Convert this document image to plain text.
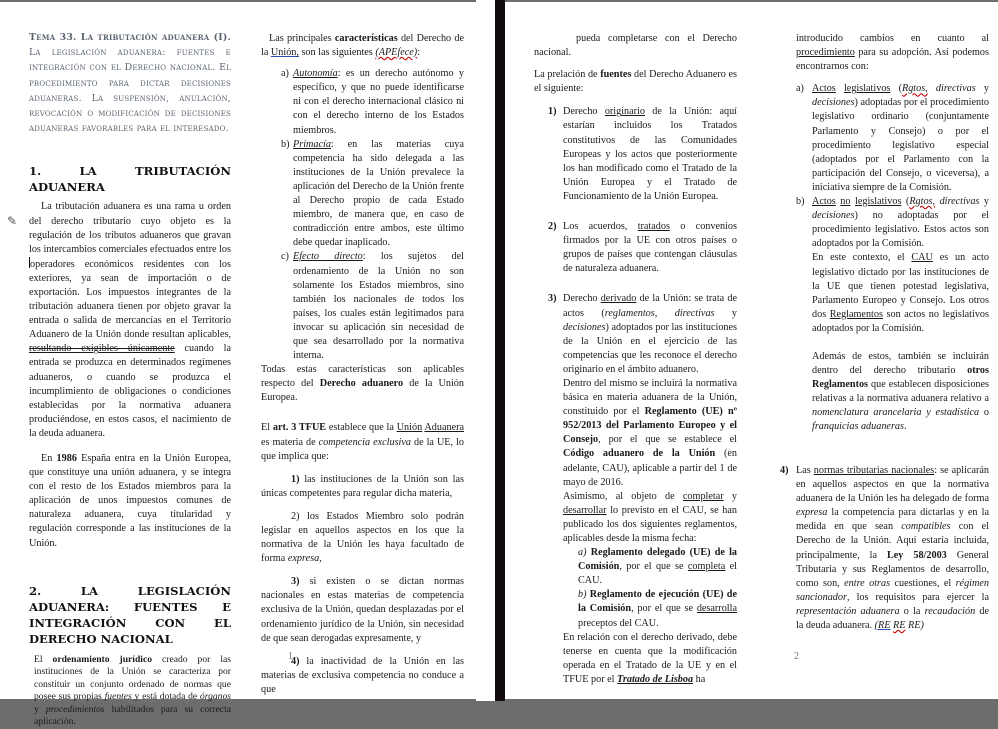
Tema 33. La tributación aduanera (I). La legislación aduanera: fuentes e integración con el Derecho nacional. El procedimiento para dictar decisiones aduaneras. La suspensión, anulación, revocación o modificación de decisiones aduaneras favorables para el interesado.

1. LA TRIBUTACIÓN ADUANERA

La tributación aduanera es una rama u orden del derecho tributario cuyo objeto es la regulación de los tributos aduaneros que gravan los intercambios comerciales efectuados entre los operadores económicos residentes con los exteriores, ya sean de importación o de exportación. Los impuestos integrantes de la tributación aduanera tienen por objeto gravar la entrada o salida de mercancías en el Territorio Aduanero de la Unión donde resultan aplicables, resultando exigibles únicamente cuando la entrada se produzca en determinados regímenes aduaneros, o cuando se produzca el incumplimiento de obligaciones o condiciones establecidas por la normativa aduanera produciéndose, en estos casos, el nacimiento de la deuda aduanera.

En 1986 España entra en la Unión Europea, que constituye una unión aduanera, y se integra con el resto de los Estados miembros para la aplicación de unos impuestos comunes de naturaleza aduanera, cuya titularidad y regulación corresponde a las instituciones de la Unión.

2. LA LEGISLACIÓN ADUANERA: FUENTES E INTEGRACIÓN CON EL DERECHO NACIONAL

El ordenamiento jurídico creado por las instituciones de la Unión se caracteriza por constituir un conjunto ordenado de normas que posee sus propias fuentes y está dotada de órganos y procedimientos habilitados para su correcta aplicación.

✎

Las principales características del Derecho de la Unión, son las siguientes (APEfece):

a) Autonomía: es un derecho autónomo y específico, y que no puede identificarse ni con el derecho internacional clásico ni con el derecho interno de los Estados miembros.
b) Primacía: en las materias cuya competencia ha sido delegada a las instituciones de la Unión prevalece la aplicación del Derecho de la Unión frente al Derecho propio de cada Estado miembro, de manera que, en caso de contradicción entre ambos, este último debe quedar inaplicado.
c) Efecto directo: los sujetos del ordenamiento de la Unión no son solamente los Estados miembros, sino también los nacionales de todos los países, los cuales están legitimados para invocar su aplicación sin necesidad de que sea desarrollado por la normativa interna.

Todas estas características son aplicables respecto del Derecho aduanero de la Unión Europea.

El art. 3 TFUE establece que la Unión Aduanera es materia de competencia exclusiva de la UE, lo que implica que:

1) las instituciones de la Unión son las únicas competentes para regular dicha materia,

2) los Estados Miembro solo podrán legislar en aquellos aspectos en los que la normativa de la Unión les haya facultado de forma expresa,

3) si existen o se dictan normas nacionales en estas materias de competencia exclusiva de la Unión, quedan desplazadas por el ordenamiento jurídico de la Unión, sin necesidad de que sean derogadas expresamente, y

4) la inactividad de la Unión en las materias de exclusiva competencia no conduce a que

1

pueda completarse con el Derecho nacional.

La prelación de fuentes del Derecho Aduanero es el siguiente:

1) Derecho originario de la Unión: aquí estarían incluidos los Tratados constitutivos de las Comunidades Europeas y los actos que posteriormente los han modificado como el Tratado de la Unión Europea y el Tratado de Funcionamiento de la Unión Europea.
2) Los acuerdos, tratados o convenios firmados por la UE con otros países o grupos de países que contengan cláusulas de naturaleza aduanera.
3) Derecho derivado de la Unión: se trata de actos (reglamentos, directivas y decisiones) adoptados por las instituciones de la Unión en el ejercicio de las competencias que les reconoce el derecho originario en el ámbito aduanero.

Dentro del mismo se incluirá la normativa básica en materia aduanera de la Unión, constituido por el Reglamento (UE) nº 952/2013 del Parlamento Europeo y el Consejo, por el que se establece el Código aduanero de la Unión (en adelante, CAU), aplicable a partir del 1 de mayo de 2016.

Asimismo, al objeto de completar y desarrollar lo previsto en el CAU, se han publicado los dos siguientes reglamentos, aplicables desde la misma fecha:

a) Reglamento delegado (UE) de la Comisión, por el que se completa el CAU.
b) Reglamento de ejecución (UE) de la Comisión, por el que se desarrolla preceptos del CAU.

En relación con el derecho derivado, debe tenerse en cuenta que la modificación operada en el Tratado de la UE y en el TFUE por el Tratado de Lisboa ha

introducido cambios en cuanto al procedimiento para su adopción. Así podemos encontrarnos con:

a) Actos legislativos (Rgtos, directivas y decisiones) adoptadas por el procedimiento legislativo ordinario (conjuntamente Parlamento y Consejo) o por el procedimiento legislativo especial (adoptados por el Parlamento con la participación del Consejo, o viceversa), a iniciativa siempre de la Comisión.
b) Actos no legislativos (Rgtos, directivas y decisiones) no adoptadas por el procedimiento legislativo. Estos actos son adoptados por la Comisión.

En este contexto, el CAU es un acto legislativo dictado por las instituciones de la UE que tienen potestad legislativa, Parlamento Europeo y Consejo. Los otros dos Reglamentos son actos no legislativos adoptados por la Comisión.

Además de estos, también se incluirán dentro del derecho tributario otros Reglamentos que establecen disposiciones relativas a la normativa aduanera relativo a nomenclatura arancelaria y estadística o franquicias aduaneras.

4) Las normas tributarias nacionales: se aplicarán en aquellos aspectos en que la normativa aduanera de la Unión les ha delegado de forma expresa la competencia para dictarlas y en la medida en que sean compatibles con el Derecho de la Unión. Aquí estaría incluida, principalmente, la Ley 58/2003 General Tributaria y sus Reglamentos de desarrollo, como son, entre otras cuestiones, el régimen sancionador, los requisitos para ejercer la representación aduanera o la recaudación de la deuda aduanera. (RE RE RE)
2
